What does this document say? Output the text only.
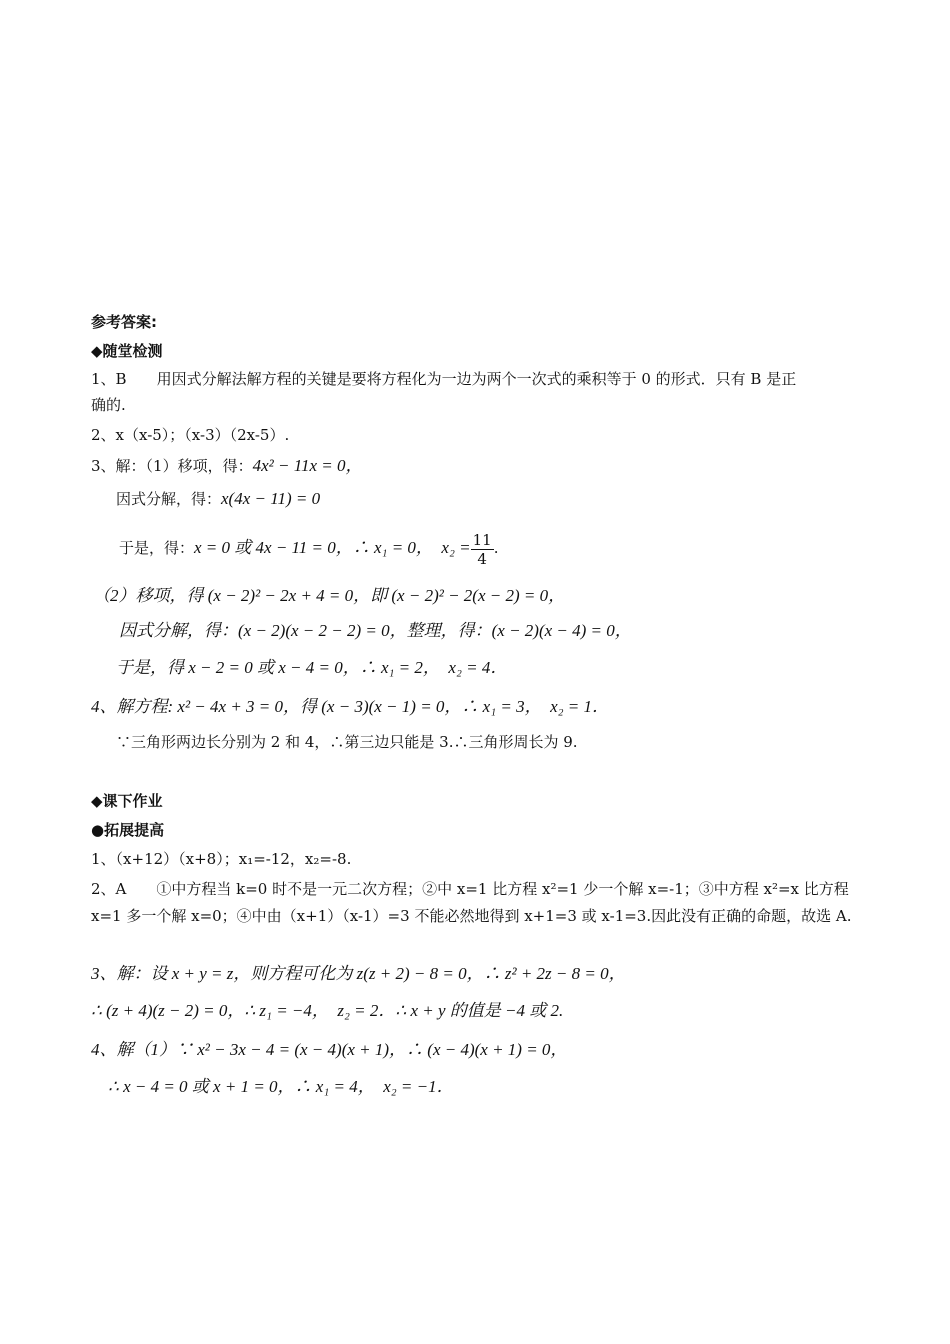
参考答案:
◆随堂检测
1、B　　用因式分解法解方程的关键是要将方程化为一边为两个一次式的乘积等于 0 的形式．只有 B 是正
确的.
2、x（x-5）；（x-3）（2x-5）.
3、解：（1）移项，得：4x² − 11x = 0，
因式分解，得：x(4x − 11) = 0
于是，得：x = 0 或 4x − 11 = 0，∴ x₁ = 0，　$x_2 = \frac{11}{4}$ .
（2）移项，得 (x − 2)² − 2x + 4 = 0，即 (x − 2)² − 2(x − 2) = 0，
因式分解，得：(x − 2)(x − 2 − 2) = 0，整理，得：(x − 2)(x − 4) = 0，
于是，得 x − 2 = 0 或 x − 4 = 0，∴ x₁ = 2，　x₂ = 4．
4、解方程: x² − 4x + 3 = 0，得 (x − 3)(x − 1) = 0，∴ x₁ = 3，　x₂ = 1．
∵三角形两边长分别为 2 和 4，∴第三边只能是 3.∴三角形周长为 9.
◆课下作业
●拓展提高
1、（x+12）（x+8）；x₁=-12，x₂=-8.
2、A　　①中方程当 k=0 时不是一元二次方程；②中 x=1 比方程 x²=1 少一个解 x=-1；③中方程 x²=x 比方程 x=1 多一个解 x=0；④中由（x+1）（x-1）=3 不能必然地得到 x+1=3 或 x-1=3.因此没有正确的命题，故选 A.
3、解：设 x + y = z，则方程可化为 z(z + 2) − 8 = 0，∴ z² + 2z − 8 = 0，
∴ (z + 4)(z − 2) = 0，∴ z₁ = −4，　z₂ = 2．∴ x + y 的值是 −4 或 2.
4、解（1）∵ x² − 3x − 4 = (x − 4)(x + 1)，∴ (x − 4)(x + 1) = 0，
∴ x − 4 = 0 或 x + 1 = 0，∴ x₁ = 4，　x₂ = −1．
